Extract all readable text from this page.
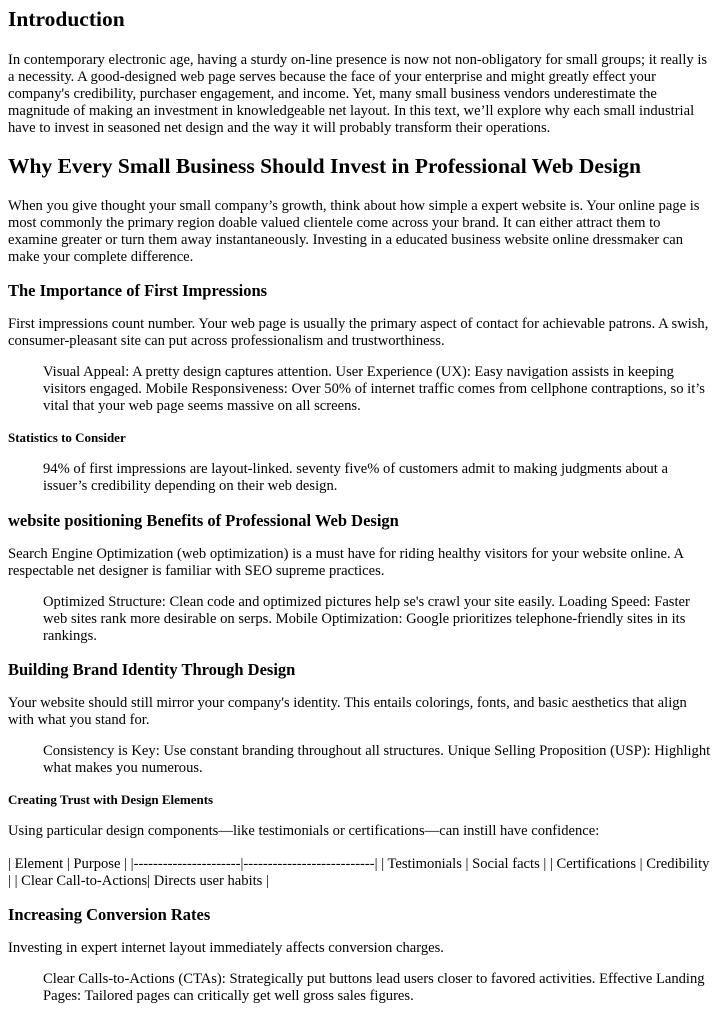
Introduction

In contemporary electronic age, having a sturdy on-line presence is now not non-obligatory for small groups; it really is a necessity. A good-designed web page serves because the face of your enterprise and might greatly effect your company's credibility, purchaser engagement, and income. Yet, many small business vendors underestimate the magnitude of making an investment in knowledgeable net layout. In this text, we’ll explore why each small industrial have to invest in seasoned net design and the way it will probably transform their operations.

Why Every Small Business Should Invest in Professional Web Design

When you give thought your small company’s growth, think about how simple a expert website is. Your online page is most commonly the primary region doable valued clientele come across your brand. It can either attract them to examine greater or turn them away instantaneously. Investing in a educated business website online dressmaker can make your complete difference.

The Importance of First Impressions

First impressions count number. Your web page is usually the primary aspect of contact for achievable patrons. A swish, consumer-pleasant site can put across professionalism and trustworthiness.

Visual Appeal: A pretty design captures attention. User Experience (UX): Easy navigation assists in keeping visitors engaged. Mobile Responsiveness: Over 50% of internet traffic comes from cellphone contraptions, so it’s vital that your web page seems massive on all screens.
Statistics to Consider
94% of first impressions are layout-linked. seventy five% of customers admit to making judgments about a issuer’s credibility depending on their web design.
website positioning Benefits of Professional Web Design

Search Engine Optimization (web optimization) is a must have for riding healthy visitors for your website online. A respectable net designer is familiar with SEO supreme practices.

Optimized Structure: Clean code and optimized pictures help se's crawl your site easily. Loading Speed: Faster web sites rank more desirable on serps. Mobile Optimization: Google prioritizes telephone-friendly sites in its rankings.
Building Brand Identity Through Design

Your website should still mirror your company's identity. This entails colorings, fonts, and basic aesthetics that align with what you stand for.

Consistency is Key: Use constant branding throughout all structures. Unique Selling Proposition (USP): Highlight what makes you numerous.
Creating Trust with Design Elements

Using particular design components—like testimonials or certifications—can instill have confidence:

| Element | Purpose | |----------------------|---------------------------| | Testimonials | Social facts | | Certifications | Credibility | | Clear Call-to-Actions| Directs user habits |

Increasing Conversion Rates

Investing in expert internet layout immediately affects conversion charges.

Clear Calls-to-Actions (CTAs): Strategically put buttons lead users closer to favored activities. Effective Landing Pages: Tailored pages can critically get well gross sales figures.
